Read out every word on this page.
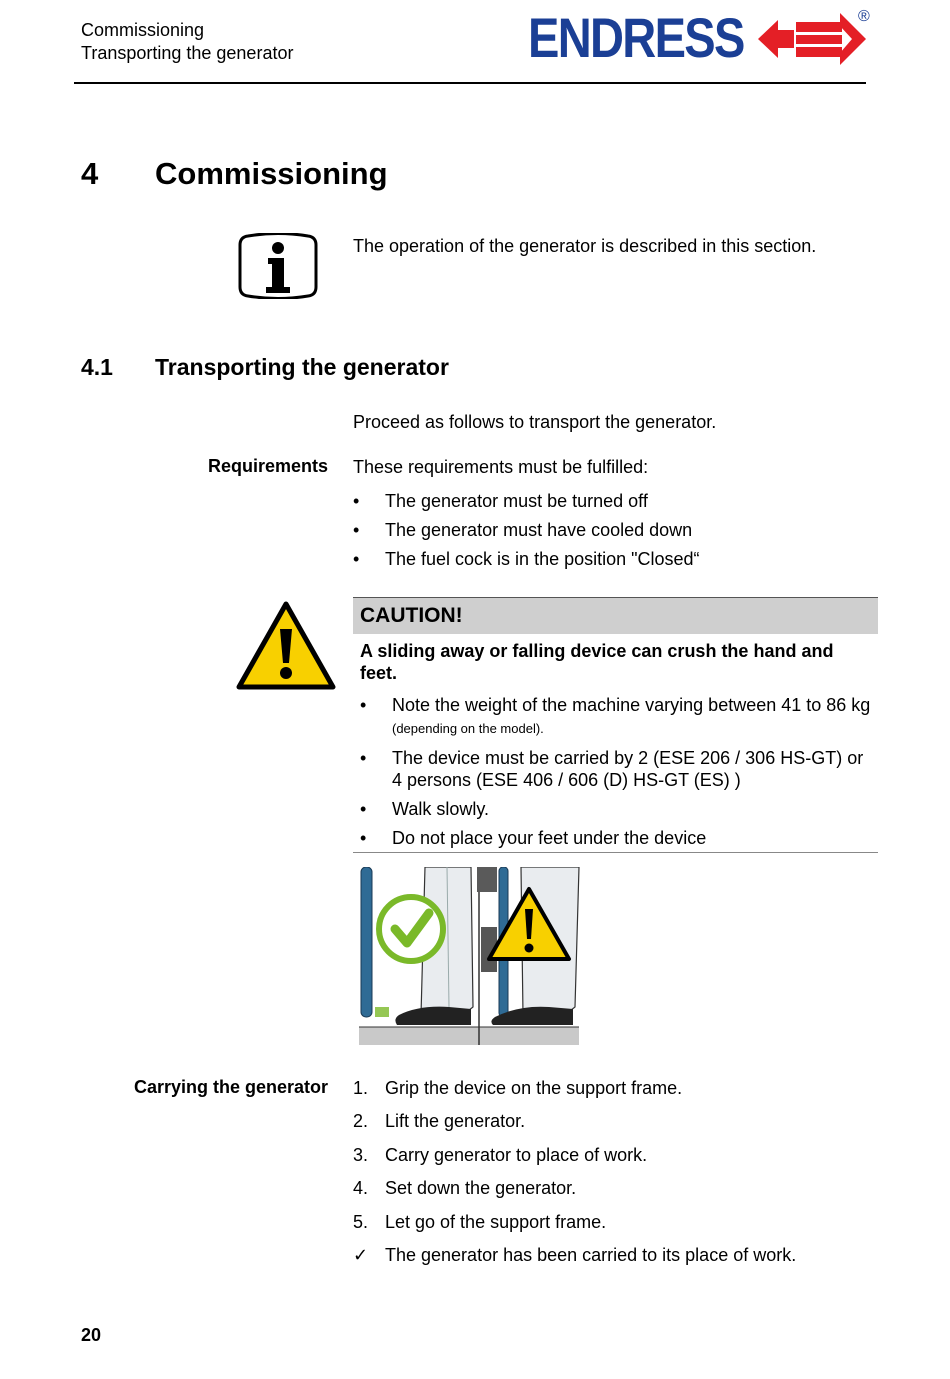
Commissioning
Transporting the generator	ENDRESS	®
4 Commissioning
The operation of the generator is described in this section.
4.1 Transporting the generator
Proceed as follows to transport the generator.
Requirements These requirements must be fulfilled:
• The generator must be turned off
• The generator must have cooled down
• The fuel cock is in the position "Closed“
CAUTION!
A sliding away or falling device can crush the hand and feet.
• Note the weight of the machine varying between 41 to 86 kg (depending on the model).
• The device must be carried by 2 (ESE 206 / 306 HS-GT) or 4 persons (ESE 406 / 606 (D) HS-GT (ES) )
• Walk slowly.
• Do not place your feet under the device
Carrying the generator 1. Grip the device on the support frame.
2. Lift the generator.
3. Carry generator to place of work.
4. Set down the generator.
5. Let go of the support frame.
✓ The generator has been carried to its place of work.
20
